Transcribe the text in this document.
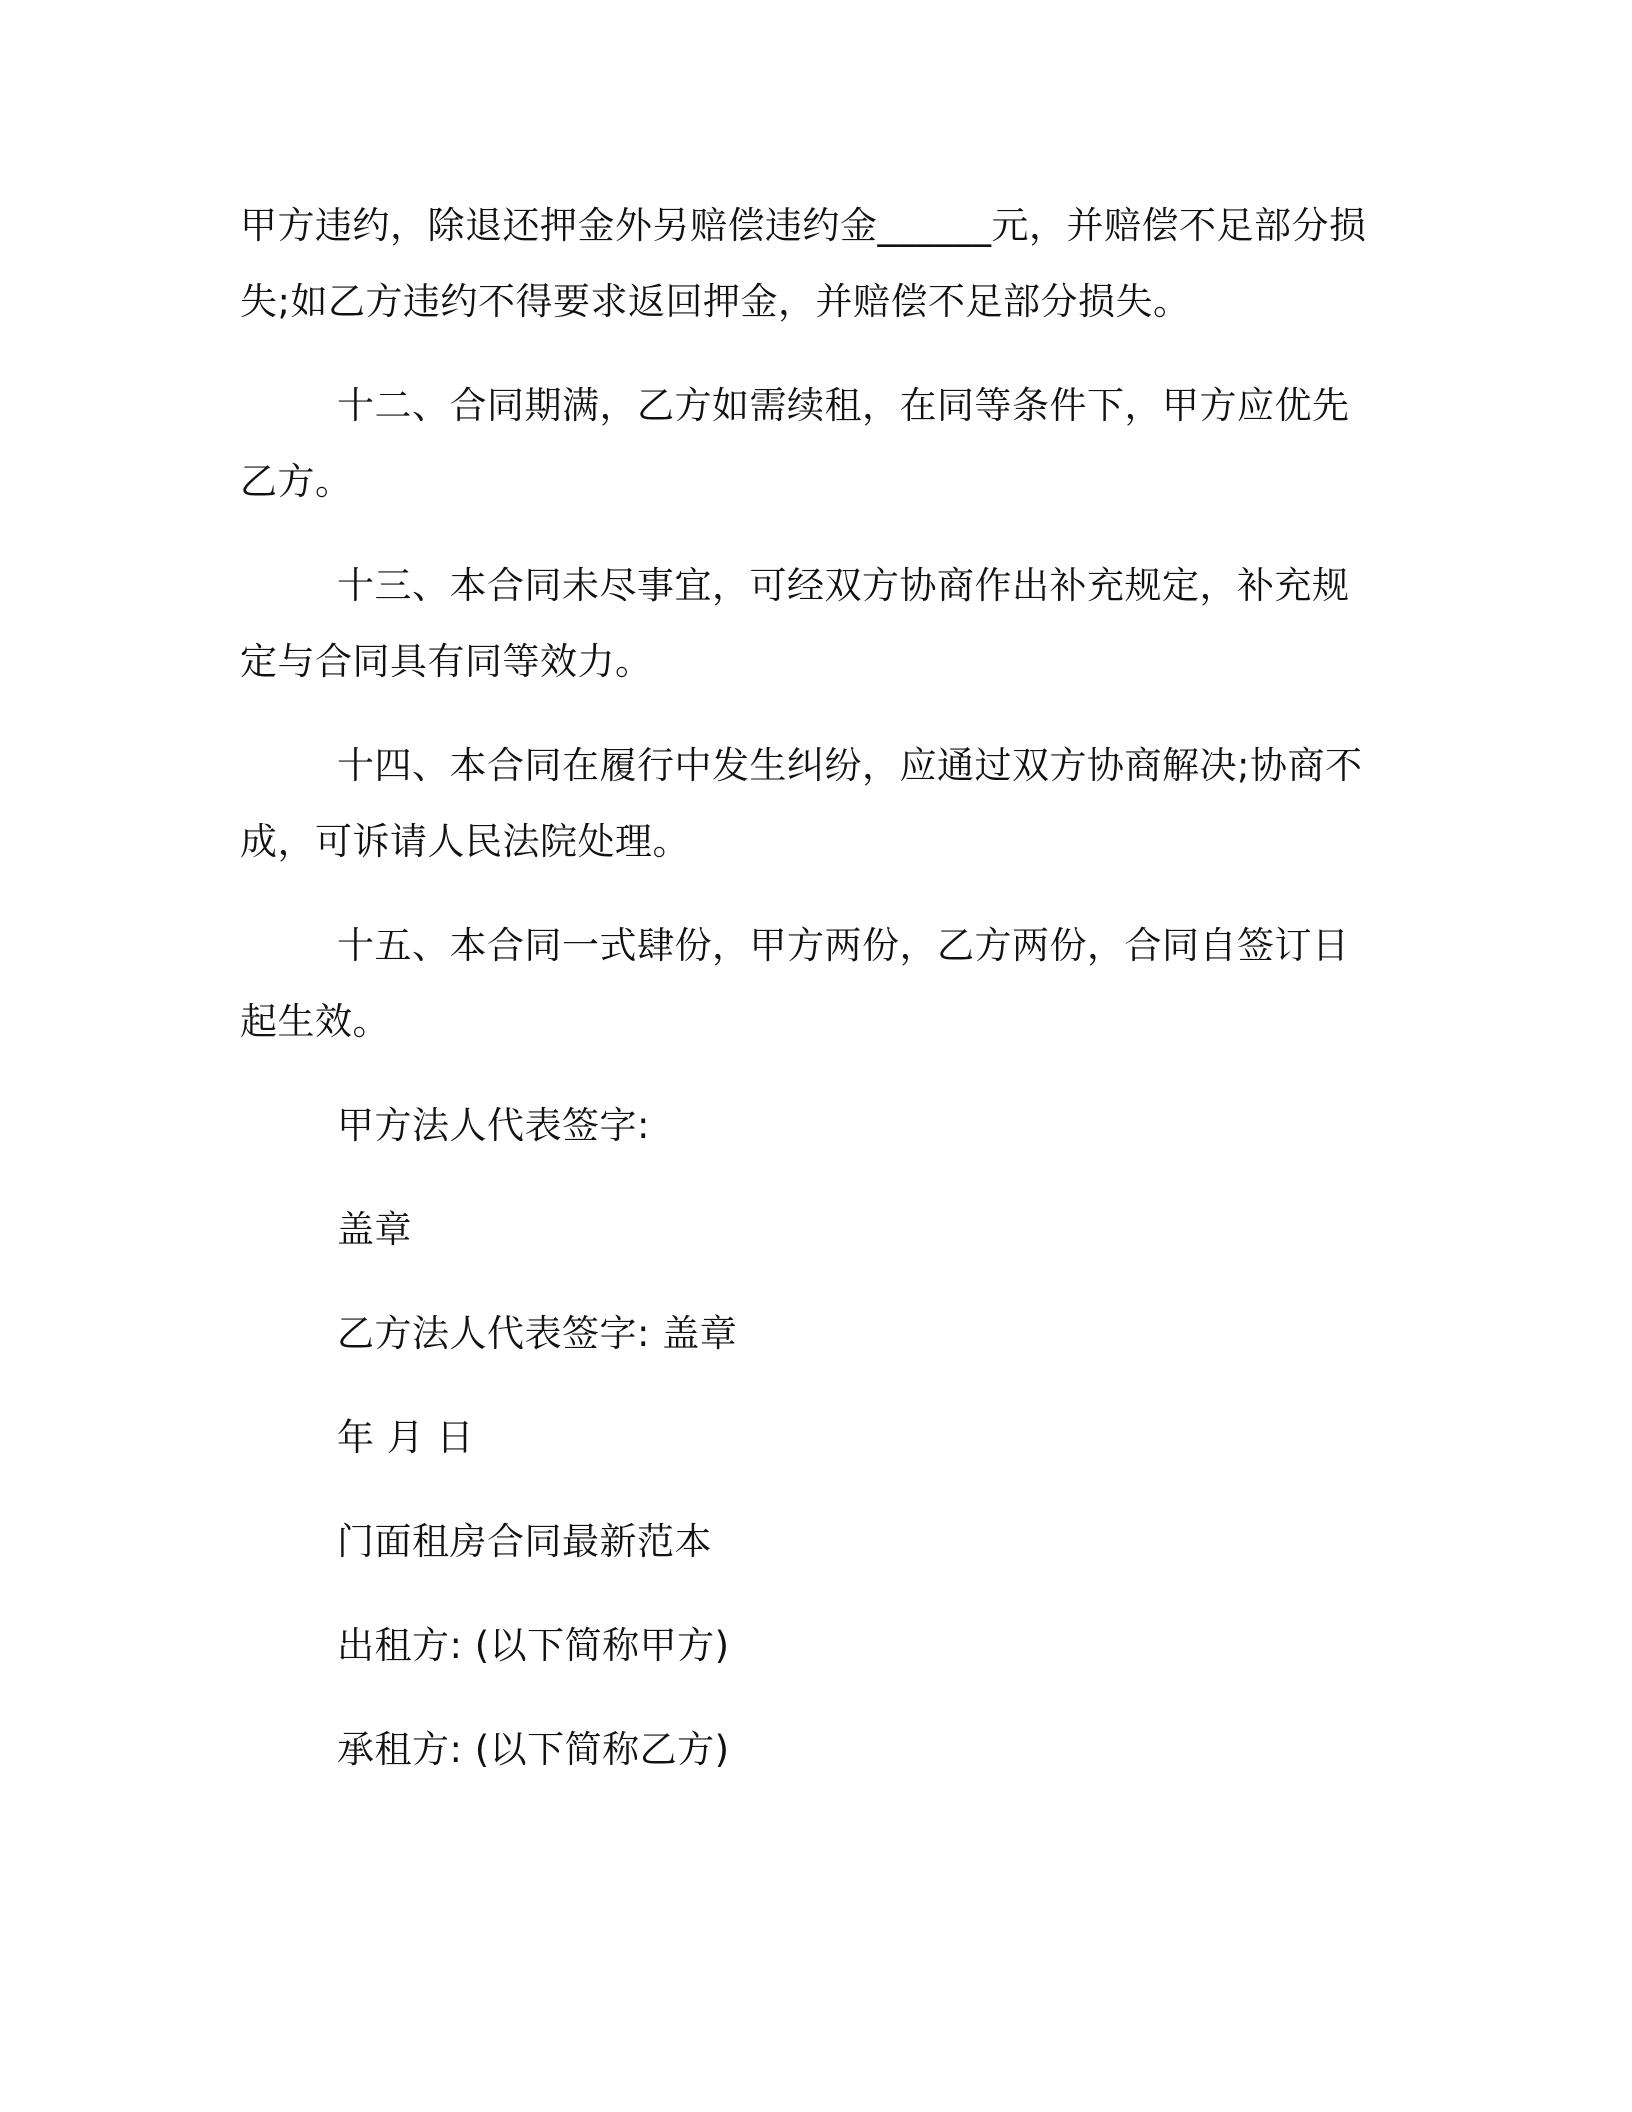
甲方违约，除退还押金外另赔偿违约金______元，并赔偿不足部分损失;如乙方违约不得要求返回押金，并赔偿不足部分损失。

十二、合同期满，乙方如需续租，在同等条件下，甲方应优先乙方。

十三、本合同未尽事宜，可经双方协商作出补充规定，补充规定与合同具有同等效力。

十四、本合同在履行中发生纠纷，应通过双方协商解决;协商不成，可诉请人民法院处理。

十五、本合同一式肆份，甲方两份，乙方两份，合同自签订日起生效。

甲方法人代表签字:

盖章

乙方法人代表签字: 盖章

年 月 日

门面租房合同最新范本

出租方: (以下简称甲方)

承租方: (以下简称乙方)
